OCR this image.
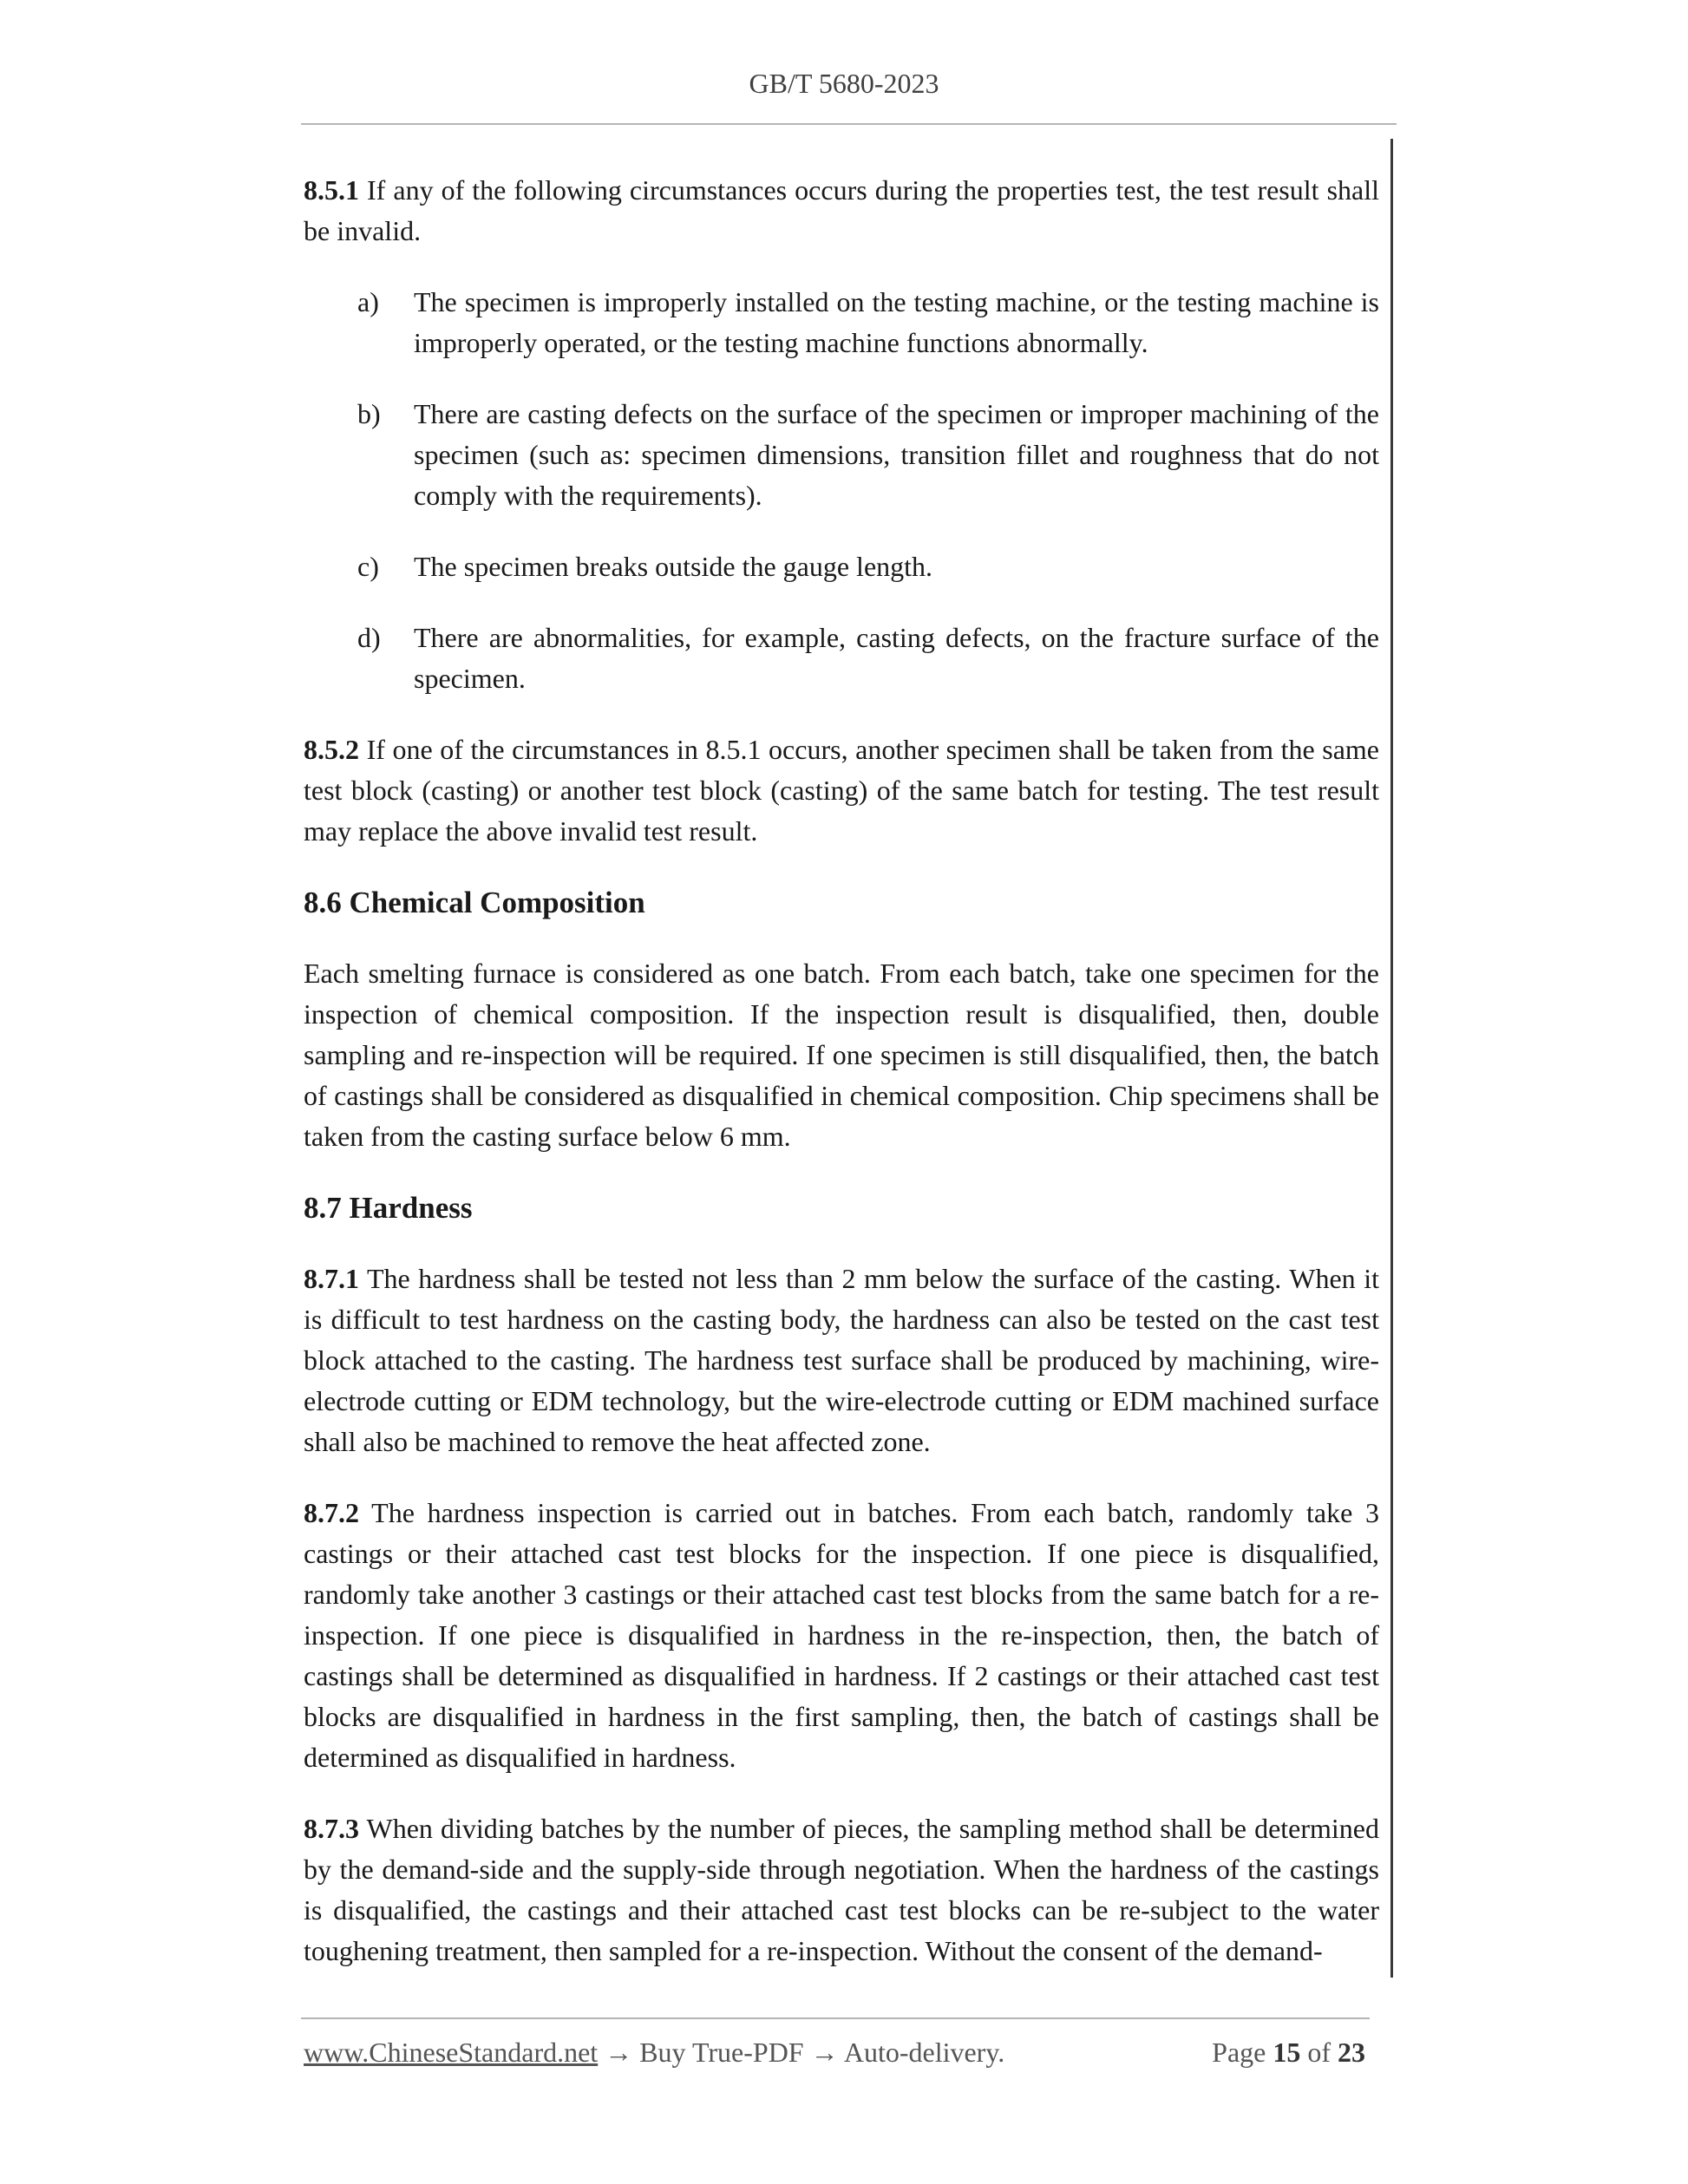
GB/T 5680-2023

8.5.1 If any of the following circumstances occurs during the properties test, the test result shall be invalid.

a) The specimen is improperly installed on the testing machine, or the testing machine is improperly operated, or the testing machine functions abnormally.
b) There are casting defects on the surface of the specimen or improper machining of the specimen (such as: specimen dimensions, transition fillet and roughness that do not comply with the requirements).
c) The specimen breaks outside the gauge length.
d) There are abnormalities, for example, casting defects, on the fracture surface of the specimen.

8.5.2 If one of the circumstances in 8.5.1 occurs, another specimen shall be taken from the same test block (casting) or another test block (casting) of the same batch for testing. The test result may replace the above invalid test result.

8.6 Chemical Composition

Each smelting furnace is considered as one batch. From each batch, take one specimen for the inspection of chemical composition. If the inspection result is disqualified, then, double sampling and re-inspection will be required. If one specimen is still disqualified, then, the batch of castings shall be considered as disqualified in chemical composition. Chip specimens shall be taken from the casting surface below 6 mm.

8.7 Hardness

8.7.1 The hardness shall be tested not less than 2 mm below the surface of the casting. When it is difficult to test hardness on the casting body, the hardness can also be tested on the cast test block attached to the casting. The hardness test surface shall be produced by machining, wire-electrode cutting or EDM technology, but the wire-electrode cutting or EDM machined surface shall also be machined to remove the heat affected zone.

8.7.2 The hardness inspection is carried out in batches. From each batch, randomly take 3 castings or their attached cast test blocks for the inspection. If one piece is disqualified, randomly take another 3 castings or their attached cast test blocks from the same batch for a re-inspection. If one piece is disqualified in hardness in the re-inspection, then, the batch of castings shall be determined as disqualified in hardness. If 2 castings or their attached cast test blocks are disqualified in hardness in the first sampling, then, the batch of castings shall be determined as disqualified in hardness.

8.7.3 When dividing batches by the number of pieces, the sampling method shall be determined by the demand-side and the supply-side through negotiation. When the hardness of the castings is disqualified, the castings and their attached cast test blocks can be re-subject to the water toughening treatment, then sampled for a re-inspection. Without the consent of the demand-

www.ChineseStandard.net → Buy True-PDF → Auto-delivery.	Page 15 of 23
